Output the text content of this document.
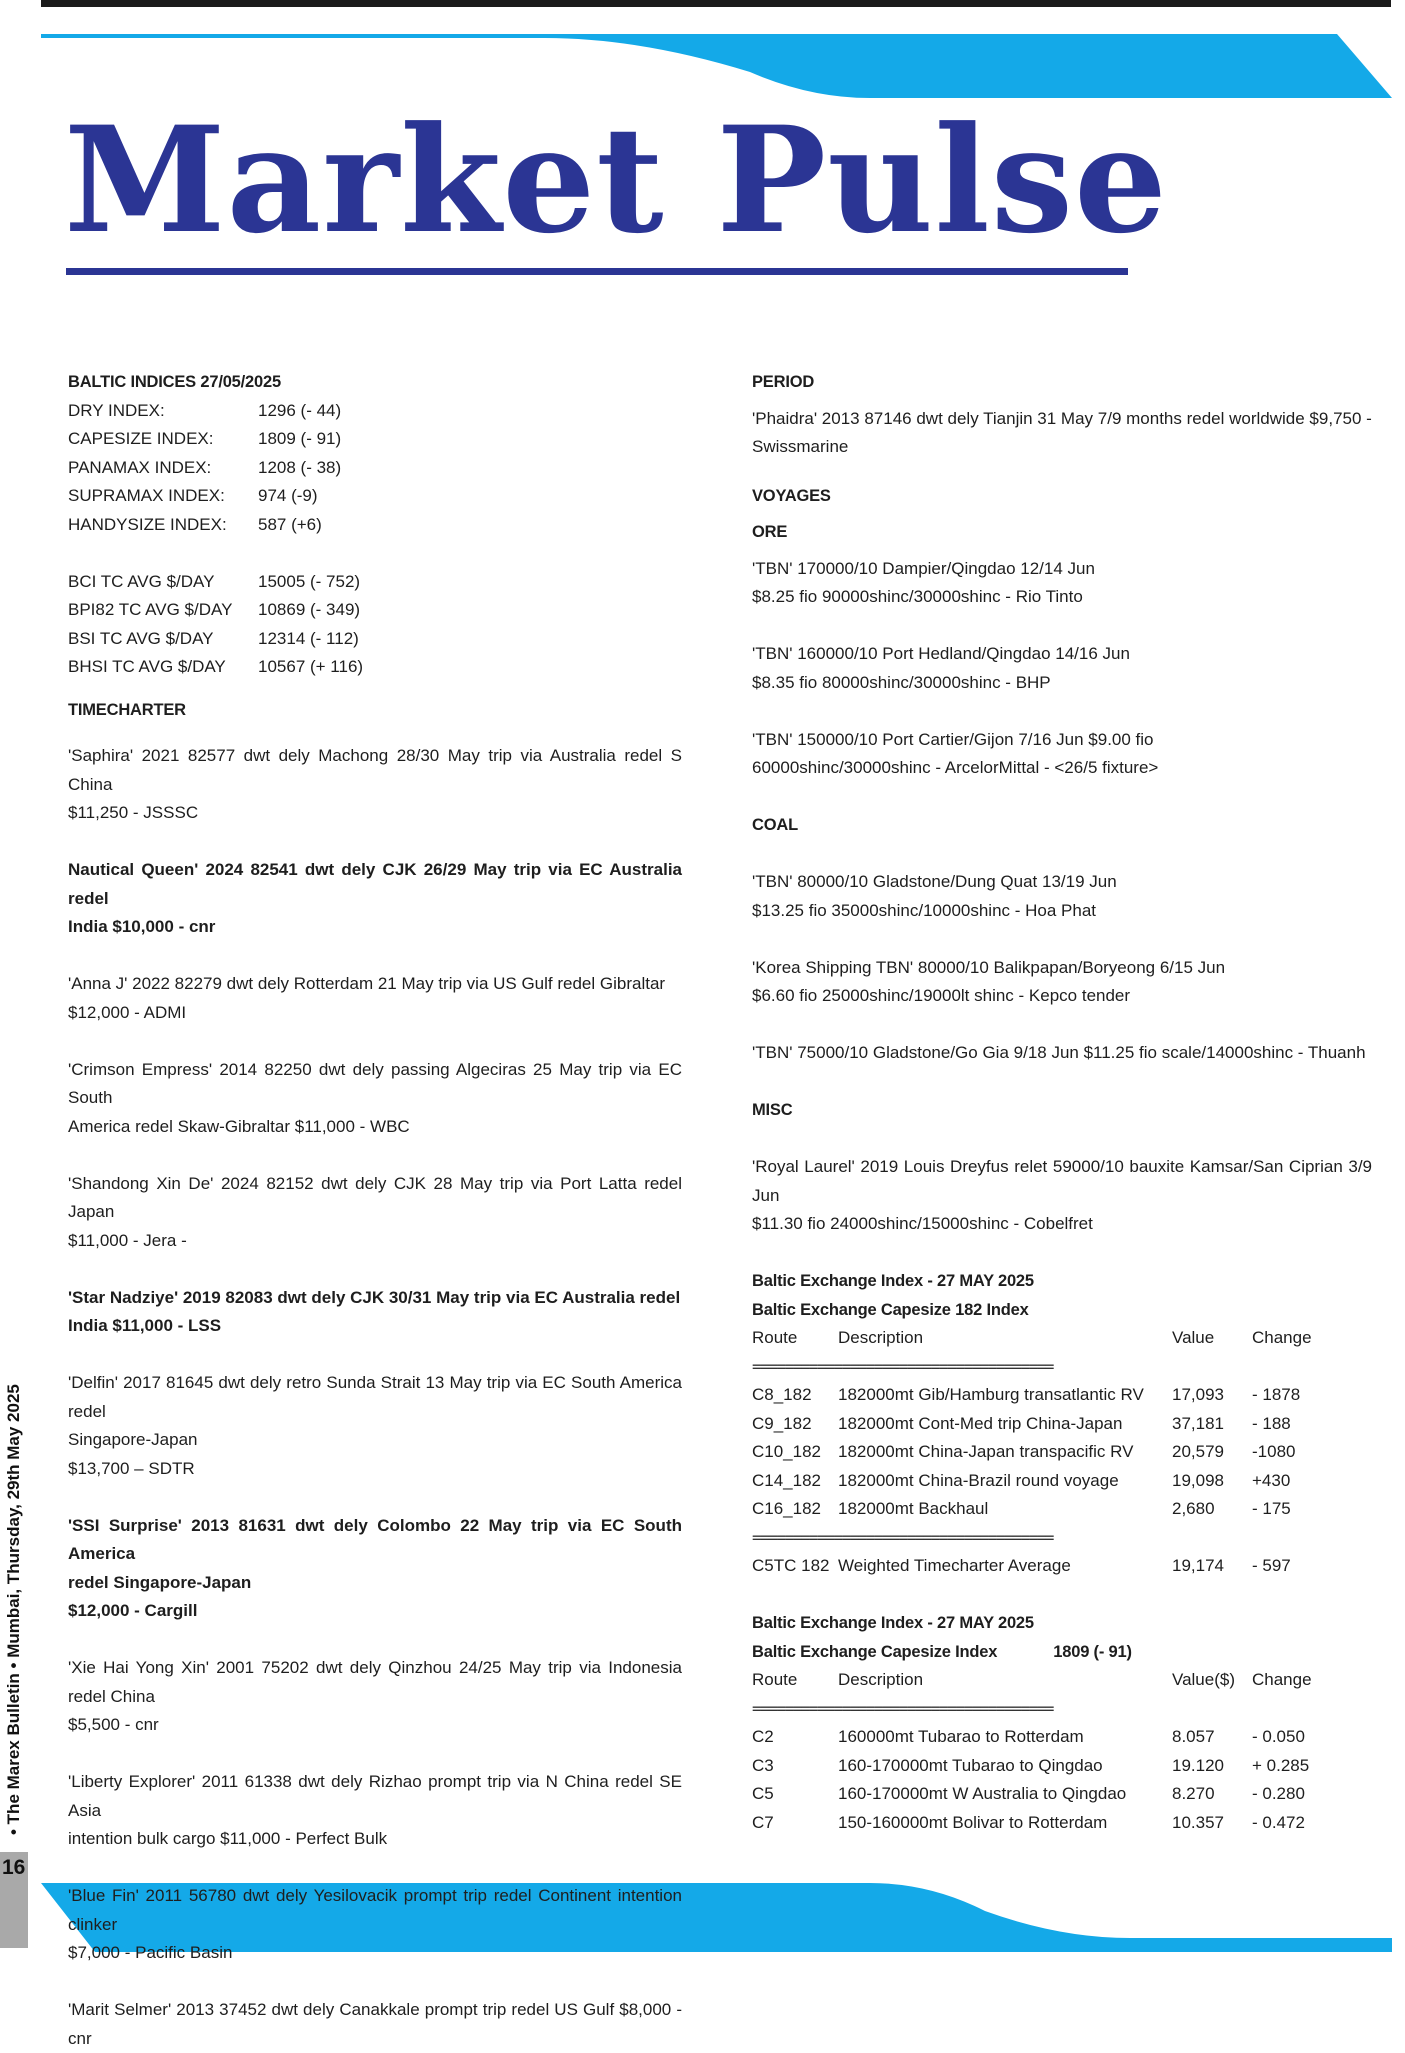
Market Pulse
BALTIC INDICES 27/05/2025
DRY INDEX:	1296 (- 44)
CAPESIZE INDEX:	1809 (- 91)
PANAMAX INDEX:	1208 (- 38)
SUPRAMAX INDEX:	974 (-9)
HANDYSIZE INDEX:	587 (+6)
BCI TC AVG $/DAY	15005 (- 752)
BPI82 TC AVG $/DAY	10869 (- 349)
BSI TC AVG $/DAY	12314 (- 112)
BHSI TC AVG $/DAY	10567 (+ 116)
TIMECHARTER
'Saphira' 2021 82577 dwt dely Machong 28/30 May trip via Australia redel S China
$11,250 - JSSSC
Nautical Queen' 2024 82541 dwt dely CJK 26/29 May trip via EC Australia redel
India $10,000 - cnr
'Anna J' 2022 82279 dwt dely Rotterdam 21 May trip via US Gulf redel Gibraltar
$12,000 - ADMI
'Crimson Empress' 2014 82250 dwt dely passing Algeciras 25 May trip via EC South
America redel Skaw-Gibraltar $11,000 - WBC
'Shandong Xin De' 2024 82152 dwt dely CJK 28 May trip via Port Latta redel Japan
$11,000 - Jera -
'Star Nadziye' 2019 82083 dwt dely CJK 30/31 May trip via EC Australia redel
India $11,000 - LSS
'Delfin' 2017 81645 dwt dely retro Sunda Strait 13 May trip via EC South America redel
Singapore-Japan
$13,700 – SDTR
'SSI Surprise' 2013 81631 dwt dely Colombo 22 May trip via EC South America
redel Singapore-Japan
$12,000 - Cargill
'Xie Hai Yong Xin' 2001 75202 dwt dely Qinzhou 24/25 May trip via Indonesia redel China
$5,500 - cnr
'Liberty Explorer' 2011 61338 dwt dely Rizhao prompt trip via N China redel SE Asia
intention bulk cargo $11,000 - Perfect Bulk
'Blue Fin' 2011 56780 dwt dely Yesilovacik prompt trip redel Continent intention clinker
$7,000 - Pacific Basin
'Marit Selmer' 2013 37452 dwt dely Canakkale prompt trip redel US Gulf $8,000 - cnr
PERIOD
'Phaidra' 2013 87146 dwt dely Tianjin 31 May 7/9 months redel worldwide $9,750 -
Swissmarine
VOYAGES
ORE
'TBN' 170000/10 Dampier/Qingdao 12/14 Jun
$8.25 fio 90000shinc/30000shinc - Rio Tinto
'TBN' 160000/10 Port Hedland/Qingdao 14/16 Jun
$8.35 fio 80000shinc/30000shinc - BHP
'TBN' 150000/10 Port Cartier/Gijon 7/16 Jun $9.00 fio
60000shinc/30000shinc - ArcelorMittal - <26/5 fixture>
COAL
'TBN' 80000/10 Gladstone/Dung Quat 13/19 Jun
$13.25 fio 35000shinc/10000shinc - Hoa Phat
'Korea Shipping TBN' 80000/10 Balikpapan/Boryeong 6/15 Jun
$6.60 fio 25000shinc/19000lt shinc - Kepco tender
'TBN' 75000/10 Gladstone/Go Gia 9/18 Jun $11.25 fio scale/14000shinc - Thuanh
MISC
'Royal Laurel' 2019 Louis Dreyfus relet 59000/10 bauxite Kamsar/San Ciprian 3/9 Jun
$11.30 fio 24000shinc/15000shinc - Cobelfret
Baltic Exchange Index - 27 MAY 2025
Baltic Exchange Capesize 182 Index
Route	Description	Value	Change

=====================================			

C8_182	182000mt Gib/Hamburg transatlantic RV	17,093	- 1878
C9_182	182000mt Cont-Med trip China-Japan	37,181	- 188
C10_182	182000mt China-Japan transpacific RV	20,579	-1080
C14_182	182000mt China-Brazil round voyage	19,098	+430
C16_182	182000mt Backhaul	2,680	- 175

=====================================			

C5TC 182	Weighted Timecharter Average	19,174	- 597
Baltic Exchange Index - 27 MAY 2025
Baltic Exchange Capesize Index	1809 (- 91)
Route	Description	Value($)	Change

=====================================			

C2	160000mt Tubarao to Rotterdam	8.057	- 0.050
C3	160-170000mt Tubarao to Qingdao	19.120	+ 0.285
C5	160-170000mt W Australia to Qingdao	8.270	- 0.280
C7	150-160000mt Bolivar to Rotterdam	10.357	- 0.472
• The Marex Bulletin • Mumbai, Thursday, 29th May 2025
16
